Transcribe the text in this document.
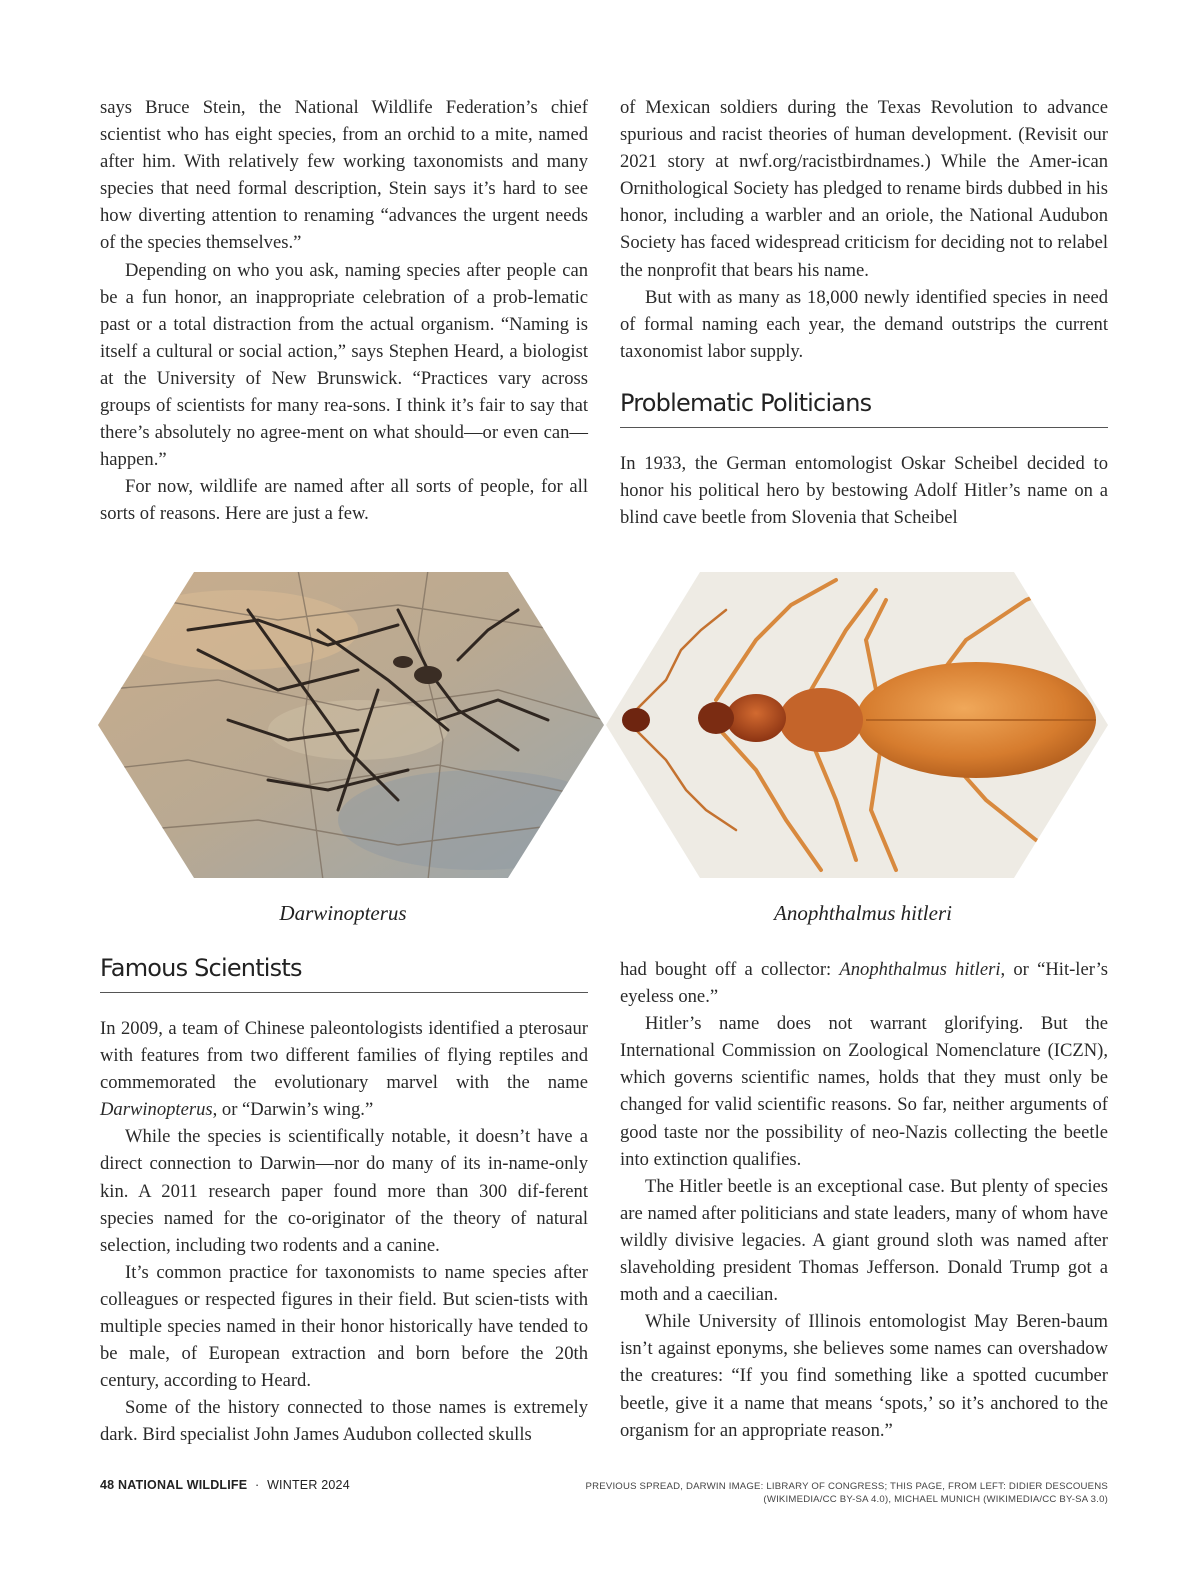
says Bruce Stein, the National Wildlife Federation’s chief scientist who has eight species, from an orchid to a mite, named after him. With relatively few working taxonomists and many species that need formal description, Stein says it’s hard to see how diverting attention to renaming “advances the urgent needs of the species themselves.”

Depending on who you ask, naming species after people can be a fun honor, an inappropriate celebration of a prob-lematic past or a total distraction from the actual organism. “Naming is itself a cultural or social action,” says Stephen Heard, a biologist at the University of New Brunswick. “Practices vary across groups of scientists for many rea-sons. I think it’s fair to say that there’s absolutely no agree-ment on what should—or even can—happen.”

For now, wildlife are named after all sorts of people, for all sorts of reasons. Here are just a few.

of Mexican soldiers during the Texas Revolution to advance spurious and racist theories of human development. (Revisit our 2021 story at nwf.org/racistbirdnames.) While the Amer-ican Ornithological Society has pledged to rename birds dubbed in his honor, including a warbler and an oriole, the National Audubon Society has faced widespread criticism for deciding not to relabel the nonprofit that bears his name.

But with as many as 18,000 newly identified species in need of formal naming each year, the demand outstrips the current taxonomist labor supply.

Problematic Politicians

In 1933, the German entomologist Oskar Scheibel decided to honor his political hero by bestowing Adolf Hitler’s name on a blind cave beetle from Slovenia that Scheibel

Darwinopterus	Anophthalmus hitleri
Famous Scientists

In 2009, a team of Chinese paleontologists identified a pterosaur with features from two different families of flying reptiles and commemorated the evolutionary marvel with the name Darwinopterus, or “Darwin’s wing.”

While the species is scientifically notable, it doesn’t have a direct connection to Darwin—nor do many of its in-name-only kin. A 2011 research paper found more than 300 dif-ferent species named for the co-originator of the theory of natural selection, including two rodents and a canine.

It’s common practice for taxonomists to name species after colleagues or respected figures in their field. But scien-tists with multiple species named in their honor historically have tended to be male, of European extraction and born before the 20th century, according to Heard.

Some of the history connected to those names is extremely dark. Bird specialist John James Audubon collected skulls

had bought off a collector: Anophthalmus hitleri, or “Hit-ler’s eyeless one.”

Hitler’s name does not warrant glorifying. But the International Commission on Zoological Nomenclature (ICZN), which governs scientific names, holds that they must only be changed for valid scientific reasons. So far, neither arguments of good taste nor the possibility of neo-Nazis collecting the beetle into extinction qualifies.

The Hitler beetle is an exceptional case. But plenty of species are named after politicians and state leaders, many of whom have wildly divisive legacies. A giant ground sloth was named after slaveholding president Thomas Jefferson. Donald Trump got a moth and a caecilian.

While University of Illinois entomologist May Beren-baum isn’t against eponyms, she believes some names can overshadow the creatures: “If you find something like a spotted cucumber beetle, give it a name that means ‘spots,’ so it’s anchored to the organism for an appropriate reason.”

48 NATIONAL WILDLIFE · WINTER 2024	PREVIOUS SPREAD, DARWIN IMAGE: LIBRARY OF CONGRESS; THIS PAGE, FROM LEFT: DIDIER DESCOUENS
(WIKIMEDIA/CC BY-SA 4.0), MICHAEL MUNICH (WIKIMEDIA/CC BY-SA 3.0)
